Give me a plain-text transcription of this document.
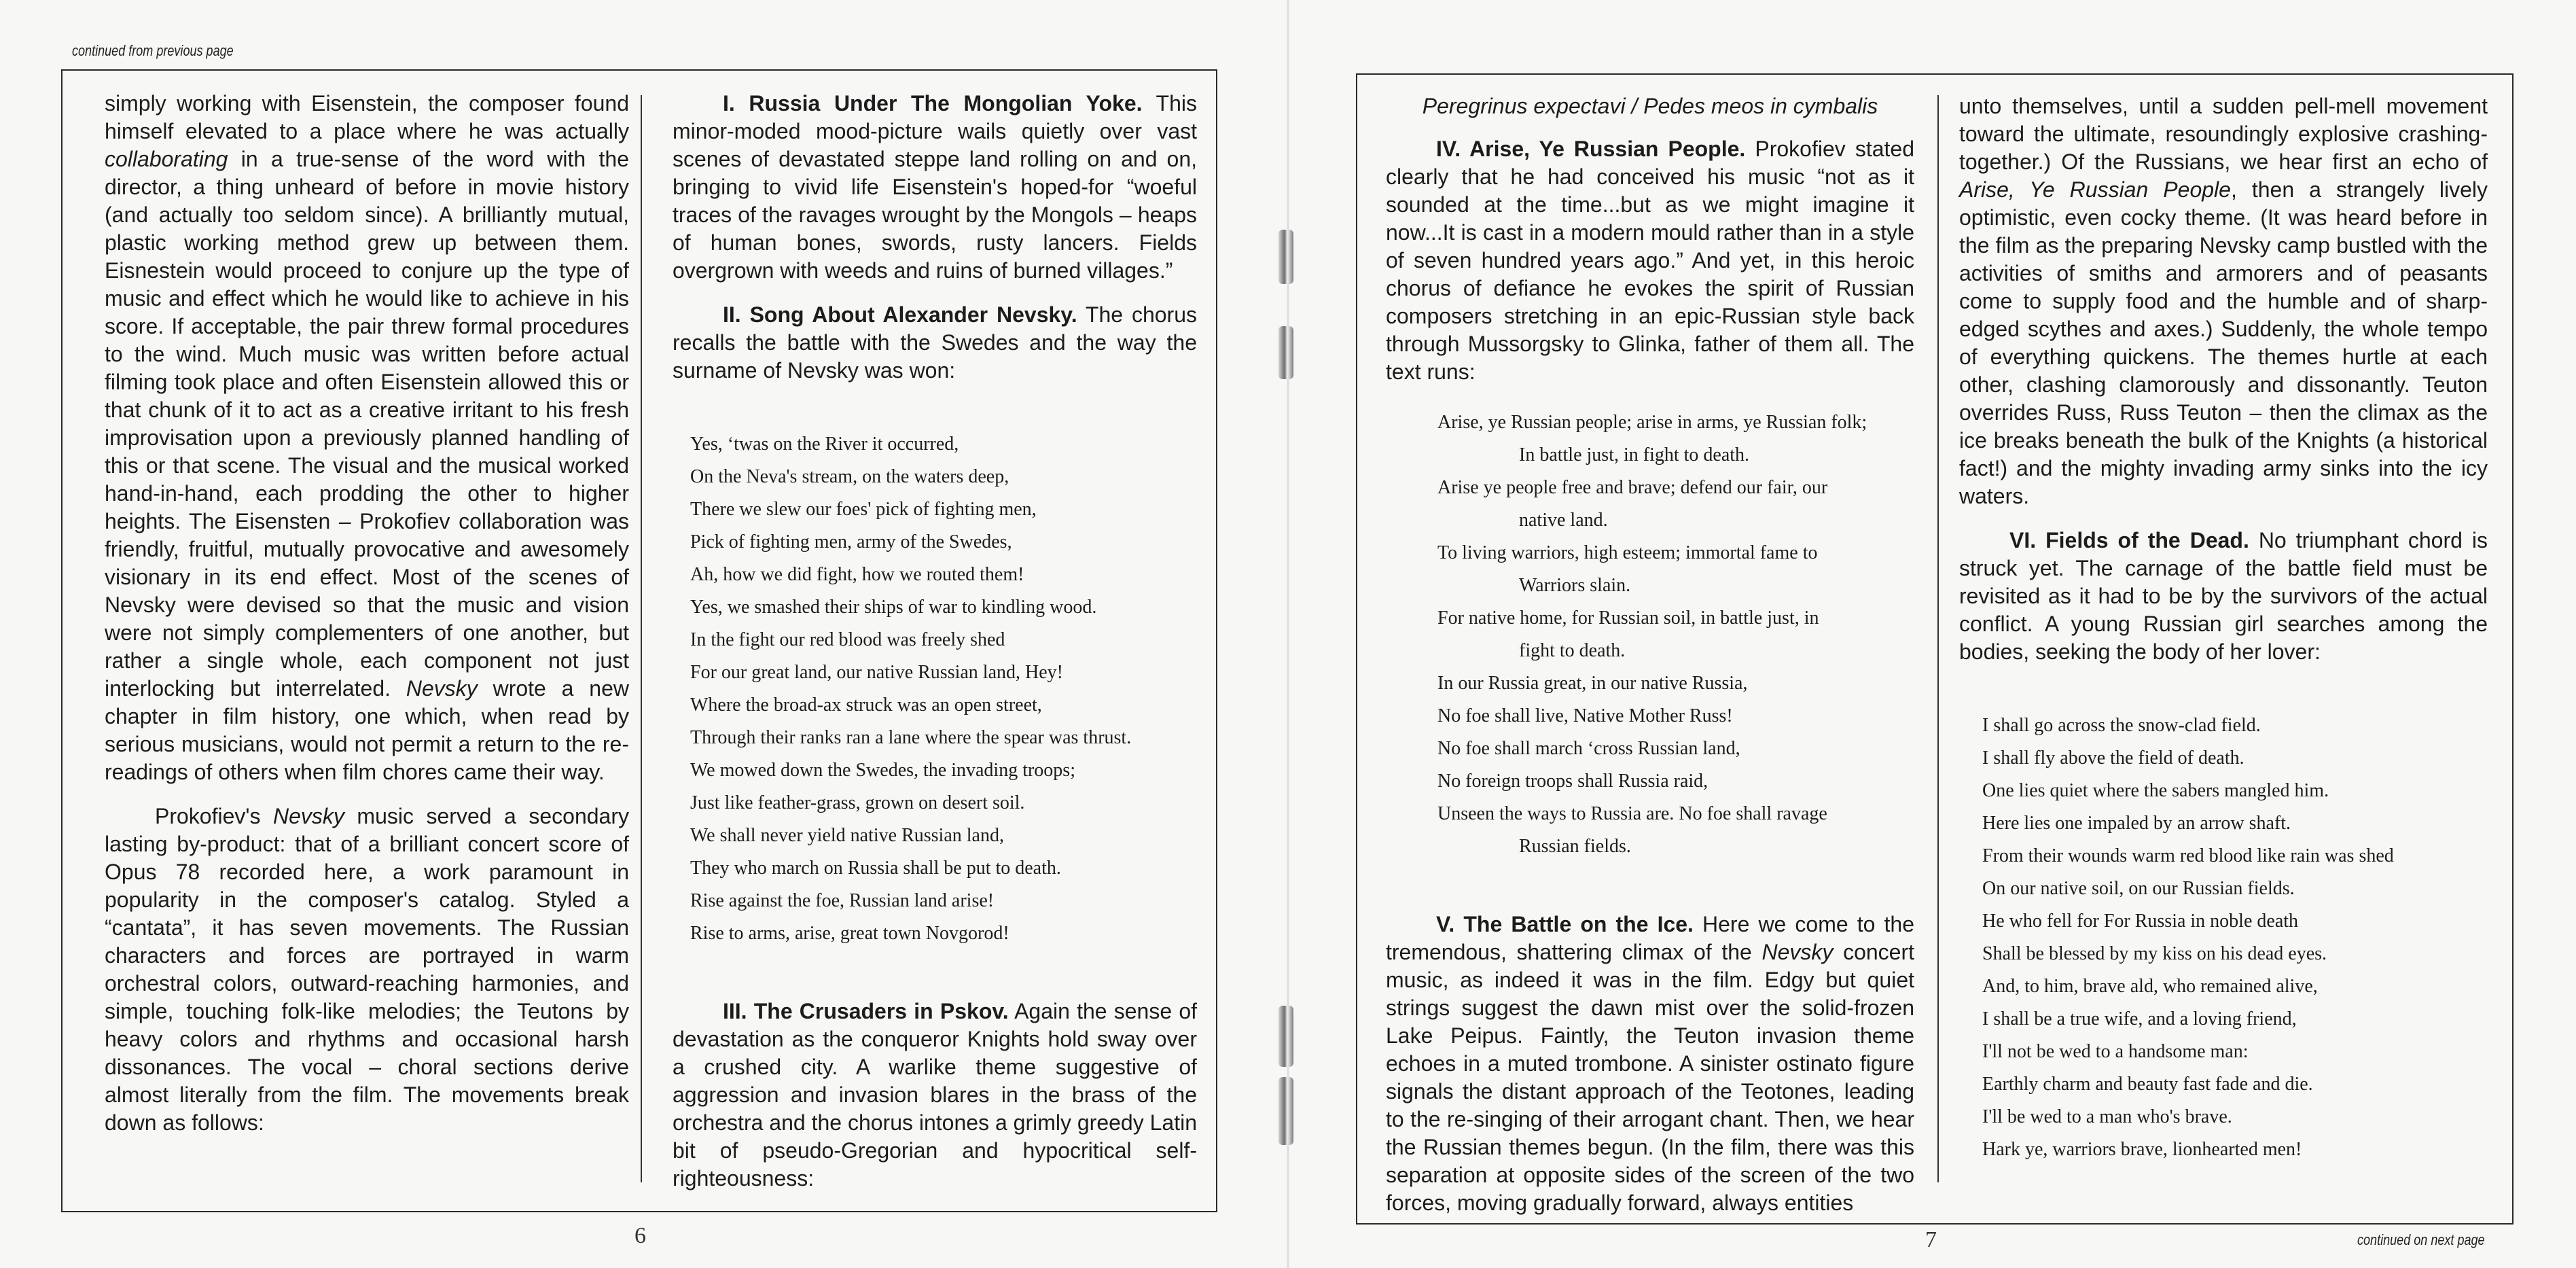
continued from previous page

simply working with Eisenstein, the composer found himself elevated to a place where he was actually collaborating in a true-sense of the word with the director, a thing unheard of before in movie history (and actually too seldom since). A brilliantly mutual, plastic working method grew up between them. Eisnestein would proceed to conjure up the type of music and effect which he would like to achieve in his score. If acceptable, the pair threw formal procedures to the wind. Much music was written before actual filming took place and often Eisenstein allowed this or that chunk of it to act as a creative irritant to his fresh improvisation upon a previously planned handling of this or that scene. The visual and the musical worked hand-in-hand, each prodding the other to higher heights. The Eisensten – Prokofiev collaboration was friendly, fruitful, mutually provocative and awesomely visionary in its end effect. Most of the scenes of Nevsky were devised so that the music and vision were not simply complementers of one another, but rather a single whole, each component not just interlocking but interrelated. Nevsky wrote a new chapter in film history, one which, when read by serious musicians, would not permit a return to the re-readings of others when film chores came their way.

Prokofiev's Nevsky music served a secondary lasting by-product: that of a brilliant concert score of Opus 78 recorded here, a work paramount in popularity in the composer's catalog. Styled a “cantata”, it has seven movements. The Russian characters and forces are portrayed in warm orchestral colors, outward-reaching harmonies, and simple, touching folk-like melodies; the Teutons by heavy colors and rhythms and occasional harsh dissonances. The vocal – choral sections derive almost literally from the film. The movements break down as follows:

I. Russia Under The Mongolian Yoke. This minor-moded mood-picture wails quietly over vast scenes of devastated steppe land rolling on and on, bringing to vivid life Eisenstein's hoped-for “woeful traces of the ravages wrought by the Mongols – heaps of human bones, swords, rusty lancers. Fields overgrown with weeds and ruins of burned villages.”

II. Song About Alexander Nevsky. The chorus recalls the battle with the Swedes and the way the surname of Nevsky was won:

Yes, ‘twas on the River it occurred,
On the Neva's stream, on the waters deep,
There we slew our foes' pick of fighting men,
Pick of fighting men, army of the Swedes,
Ah, how we did fight, how we routed them!
Yes, we smashed their ships of war to kindling wood.
In the fight our red blood was freely shed
For our great land, our native Russian land, Hey!
Where the broad-ax struck was an open street,
Through their ranks ran a lane where the spear was thrust.
We mowed down the Swedes, the invading troops;
Just like feather-grass, grown on desert soil.
We shall never yield native Russian land,
They who march on Russia shall be put to death.
Rise against the foe, Russian land arise!
Rise to arms, arise, great town Novgorod!

III. The Crusaders in Pskov. Again the sense of devastation as the conqueror Knights hold sway over a crushed city. A warlike theme suggestive of aggression and invasion blares in the brass of the orchestra and the chorus intones a grimly greedy Latin bit of pseudo-Gregorian and hypocritical self-righteousness:

6
Peregrinus expectavi / Pedes meos in cymbalis

IV. Arise, Ye Russian People. Prokofiev stated clearly that he had conceived his music “not as it sounded at the time...but as we might imagine it now...It is cast in a modern mould rather than in a style of seven hundred years ago.” And yet, in this heroic chorus of defiance he evokes the spirit of Russian composers stretching in an epic-Russian style back through Mussorgsky to Glinka, father of them all. The text runs:

Arise, ye Russian people; arise in arms, ye Russian folk;
In battle just, in fight to death.
Arise ye people free and brave; defend our fair, our
native land.
To living warriors, high esteem; immortal fame to
Warriors slain.
For native home, for Russian soil, in battle just, in
fight to death.
In our Russia great, in our native Russia,
No foe shall live, Native Mother Russ!
No foe shall march ‘cross Russian land,
No foreign troops shall Russia raid,
Unseen the ways to Russia are. No foe shall ravage
Russian fields.

V. The Battle on the Ice. Here we come to the tremendous, shattering climax of the Nevsky concert music, as indeed it was in the film. Edgy but quiet strings suggest the dawn mist over the solid-frozen Lake Peipus. Faintly, the Teuton invasion theme echoes in a muted trombone. A sinister ostinato figure signals the distant approach of the Teotones, leading to the re-singing of their arrogant chant. Then, we hear the Russian themes begun. (In the film, there was this separation at opposite sides of the screen of the two forces, moving gradually forward, always entities

unto themselves, until a sudden pell-mell movement toward the ultimate, resoundingly explosive crashing-together.) Of the Russians, we hear first an echo of Arise, Ye Russian People, then a strangely lively optimistic, even cocky theme. (It was heard before in the film as the preparing Nevsky camp bustled with the activities of smiths and armorers and of peasants come to supply food and the humble and of sharp-edged scythes and axes.) Suddenly, the whole tempo of everything quickens. The themes hurtle at each other, clashing clamorously and dissonantly. Teuton overrides Russ, Russ Teuton – then the climax as the ice breaks beneath the bulk of the Knights (a historical fact!) and the mighty invading army sinks into the icy waters.

VI. Fields of the Dead. No triumphant chord is struck yet. The carnage of the battle field must be revisited as it had to be by the survivors of the actual conflict. A young Russian girl searches among the bodies, seeking the body of her lover:

I shall go across the snow-clad field.
I shall fly above the field of death.
One lies quiet where the sabers mangled him.
Here lies one impaled by an arrow shaft.
From their wounds warm red blood like rain was shed
On our native soil, on our Russian fields.
He who fell for For Russia in noble death
Shall be blessed by my kiss on his dead eyes.
And, to him, brave ald, who remained alive,
I shall be a true wife, and a loving friend,
I'll not be wed to a handsome man:
Earthly charm and beauty fast fade and die.
I'll be wed to a man who's brave.
Hark ye, warriors brave, lionhearted men!
7	continued on next page
